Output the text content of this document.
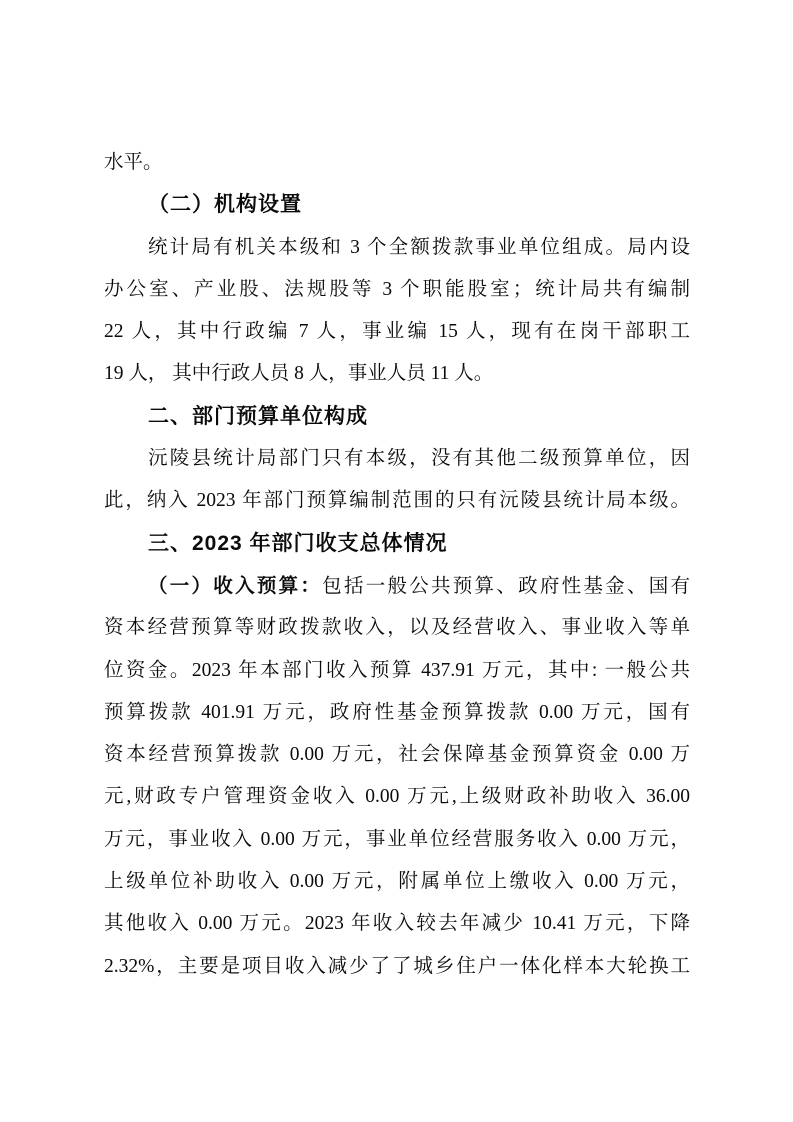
水平。
（二）机构设置
统计局有机关本级和 3 个全额拨款事业单位组成。局内设
办公室、产业股、法规股等 3 个职能股室；统计局共有编制
22 人，其中行政编 7 人，事业编 15 人，现有在岗干部职工
19 人， 其中行政人员 8 人，事业人员 11 人。
二、部门预算单位构成
沅陵县统计局部门只有本级，没有其他二级预算单位，因
此，纳入 2023 年部门预算编制范围的只有沅陵县统计局本级。
三、2023 年部门收支总体情况
（一）收入预算：包括一般公共预算、政府性基金、国有
资本经营预算等财政拨款收入，以及经营收入、事业收入等单
位资金。2023 年本部门收入预算 437.91 万元，其中: 一般公共
预算拨款 401.91 万元，政府性基金预算拨款 0.00 万元，国有
资本经营预算拨款 0.00 万元，社会保障基金预算资金 0.00 万
元,财政专户管理资金收入 0.00 万元,上级财政补助收入 36.00
万元，事业收入 0.00 万元，事业单位经营服务收入 0.00 万元，
上级单位补助收入 0.00 万元，附属单位上缴收入 0.00 万元，
其他收入 0.00 万元。2023 年收入较去年减少 10.41 万元，下降
2.32%，主要是项目收入减少了了城乡住户一体化样本大轮换工
